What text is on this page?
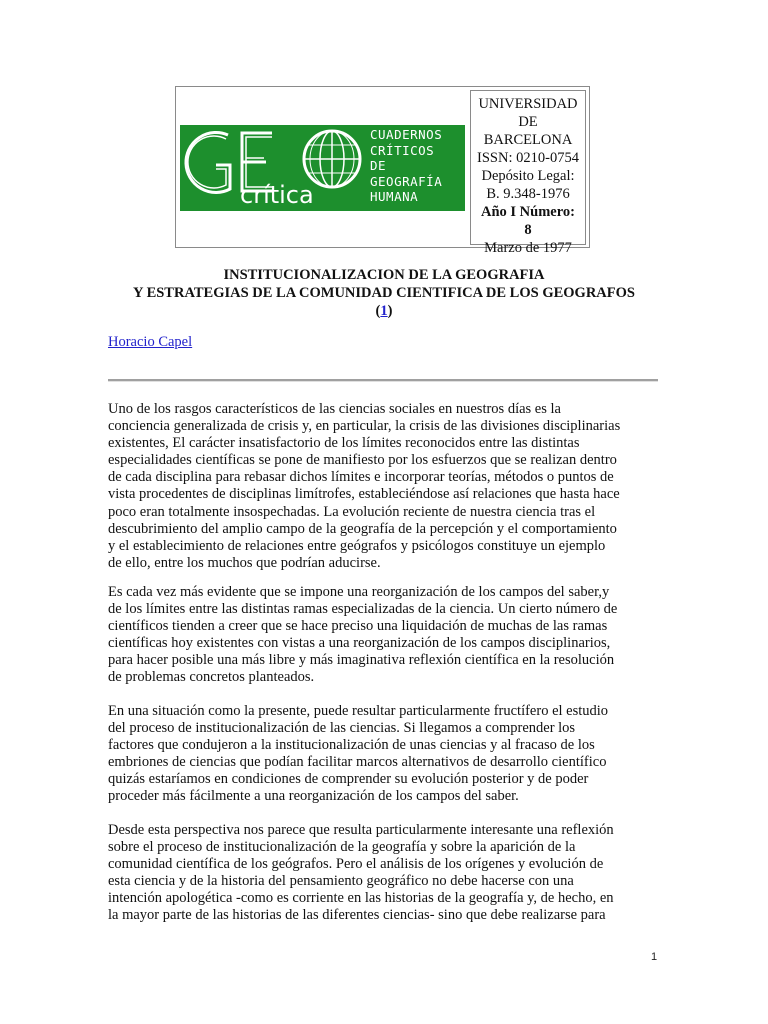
crítica
CUADERNOS
CRÍTICOS
DE
GEOGRAFÍA
HUMANA
UNIVERSIDAD
DE
BARCELONA
ISSN: 0210-0754
Depósito Legal:
B. 9.348-1976
Año I Número:
8
Marzo de 1977
INSTITUCIONALIZACION DE LA GEOGRAFIA
Y ESTRATEGIAS DE LA COMUNIDAD CIENTIFICA DE LOS GEOGRAFOS
(1)
Horacio Capel
Uno de los rasgos característicos de las ciencias sociales en nuestros días es la
conciencia generalizada de crisis y, en particular, la crisis de las divisiones disciplinarias
existentes, El carácter insatisfactorio de los límites reconocidos entre las distintas
especialidades científicas se pone de manifiesto por los esfuerzos que se realizan dentro
de cada disciplina para rebasar dichos límites e incorporar teorías, métodos o puntos de
vista procedentes de disciplinas limítrofes, estableciéndose así relaciones que hasta hace
poco eran totalmente insospechadas. La evolución reciente de nuestra ciencia tras el
descubrimiento del amplio campo de la geografía de la percepción y el comportamiento
y el establecimiento de relaciones entre geógrafos y psicólogos constituye un ejemplo
de ello, entre los muchos que podrían aducirse.
Es cada vez más evidente que se impone una reorganización de los campos del saber,y
de los límites entre las distintas ramas especializadas de la ciencia. Un cierto número de
científicos tienden a creer que se hace preciso una liquidación de muchas de las ramas
científicas hoy existentes con vistas a una reorganización de los campos disciplinarios,
para hacer posible una más libre y más imaginativa reflexión científica en la resolución
de problemas concretos planteados.
En una situación como la presente, puede resultar particularmente fructífero el estudio
del proceso de institucionalización de las ciencias. Si llegamos a comprender los
factores que condujeron a la institucionalización de unas ciencias y al fracaso de los
embriones de ciencias que podían facilitar marcos alternativos de desarrollo científico
quizás estaríamos en condiciones de comprender su evolución posterior y de poder
proceder más fácilmente a una reorganización de los campos del saber.
Desde esta perspectiva nos parece que resulta particularmente interesante una reflexión
sobre el proceso de institucionalización de la geografía y sobre la aparición de la
comunidad científica de los geógrafos. Pero el análisis de los orígenes y evolución de
esta ciencia y de la historia del pensamiento geográfico no debe hacerse con una
intención apologética -como es corriente en las historias de la geografía y, de hecho, en
la mayor parte de las historias de las diferentes ciencias- sino que debe realizarse para
1
